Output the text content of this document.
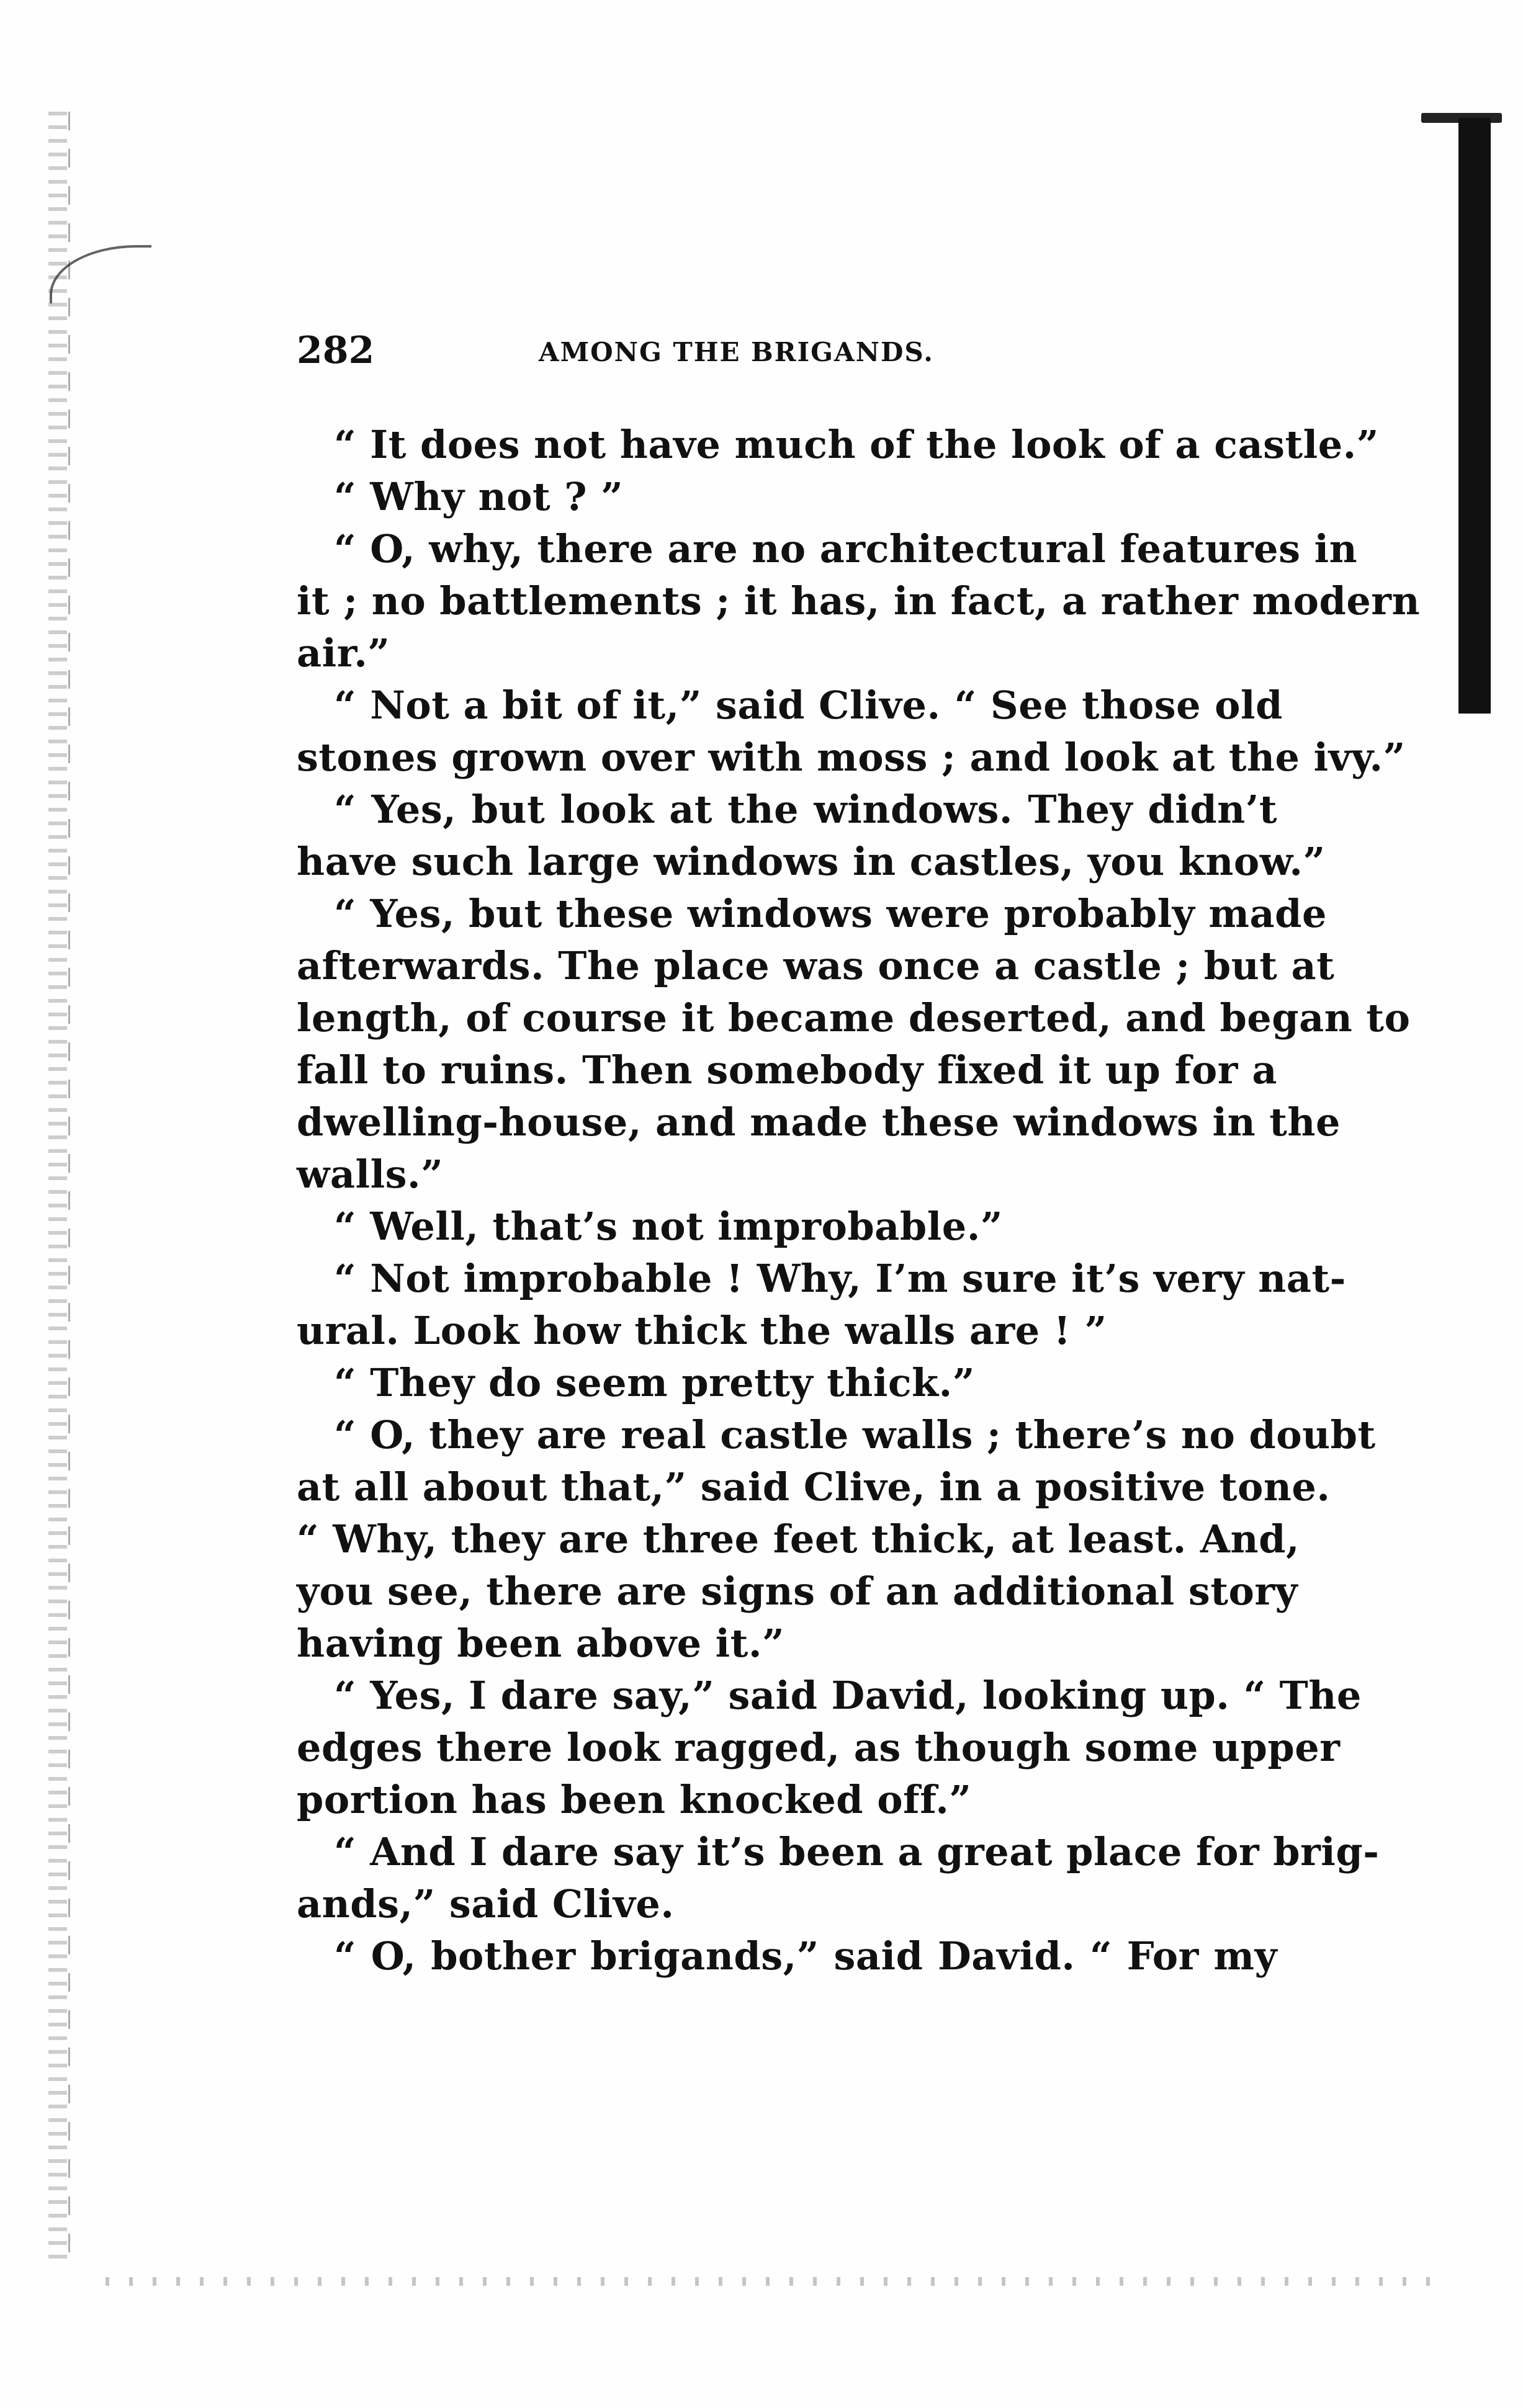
282	AMONG THE BRIGANDS.
“ It does not have much of the look of a castle.”
“ Why not ? ”
“ O, why, there are no architectural features in
it ; no battlements ; it has, in fact, a rather modern
air.”
“ Not a bit of it,” said Clive. “ See those old
stones grown over with moss ; and look at the ivy.”
“ Yes, but look at the windows. They didn’t
have such large windows in castles, you know.”
“ Yes, but these windows were probably made
afterwards. The place was once a castle ; but at
length, of course it became deserted, and began to
fall to ruins. Then somebody fixed it up for a
dwelling-house, and made these windows in the
walls.”
“ Well, that’s not improbable.”
“ Not improbable ! Why, I’m sure it’s very nat-
ural. Look how thick the walls are ! ”
“ They do seem pretty thick.”
“ O, they are real castle walls ; there’s no doubt
at all about that,” said Clive, in a positive tone.
“ Why, they are three feet thick, at least. And,
you see, there are signs of an additional story
having been above it.”
“ Yes, I dare say,” said David, looking up. “ The
edges there look ragged, as though some upper
portion has been knocked off.”
“ And I dare say it’s been a great place for brig-
ands,” said Clive.
“ O, bother brigands,” said David. “ For my
